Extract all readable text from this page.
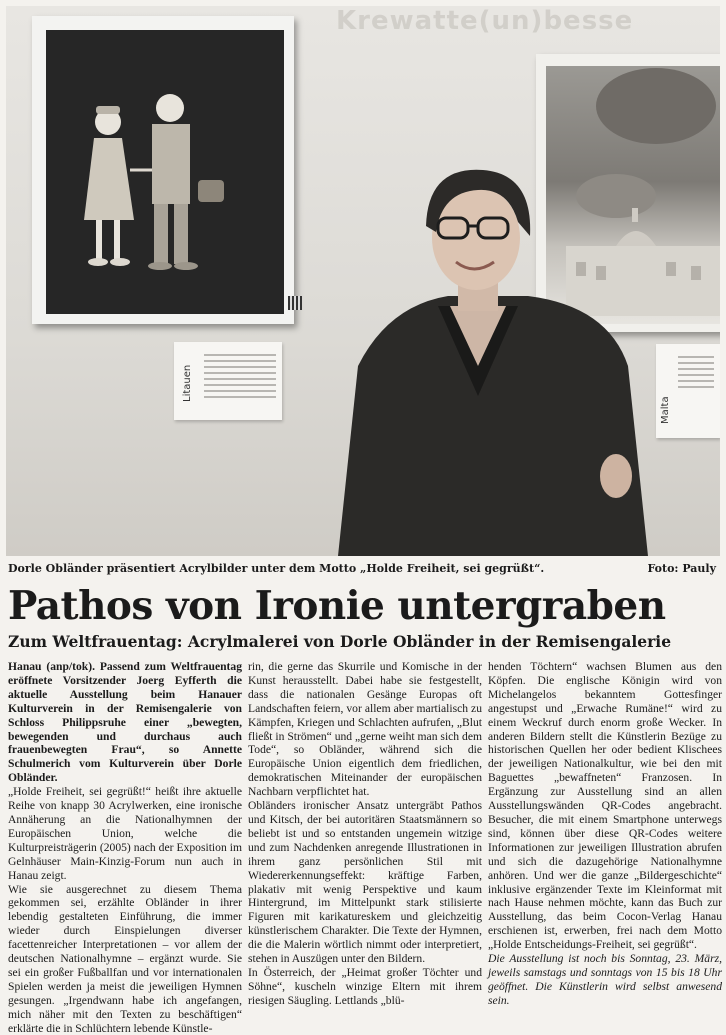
Krewatte(un)besse
Litauen
Malta
Dorle Obländer präsentiert Acrylbilder unter dem Motto „Holde Freiheit, sei gegrüßt“.	Foto: Pauly
Pathos von Ironie untergraben
Zum Weltfrauentag: Acrylmalerei von Dorle Obländer in der Remisengalerie

Hanau (anp/tok). Passend zum Weltfrauentag eröffnete Vorsitzender Joerg Eyfferth die aktuelle Ausstellung beim Hanauer Kulturverein in der Remisengalerie von Schloss Philippsruhe einer „bewegten, bewegenden und durchaus auch frauenbewegten Frau“, so Annette Schulmerich vom Kulturverein über Dorle Obländer.

„Holde Freiheit, sei gegrüßt!“ heißt ihre aktuelle Reihe von knapp 30 Acrylwerken, eine ironische Annäherung an die Nationalhymnen der Europäischen Union, welche die Kulturpreisträgerin (2005) nach der Exposition im Gelnhäuser Main-Kinzig-Forum nun auch in Hanau zeigt.

Wie sie ausgerechnet zu diesem Thema gekommen sei, erzählte Obländer in ihrer lebendig gestalteten Einführung, die immer wieder durch Einspielungen diverser facettenreicher Interpretationen – vor allem der deutschen Nationalhymne – ergänzt wurde. Sie sei ein großer Fußballfan und vor internationalen Spielen werden ja meist die jeweiligen Hymnen gesungen. „Irgendwann habe ich angefangen, mich näher mit den Texten zu beschäftigen“ erklärte die in Schlüchtern lebende Künstle-

rin, die gerne das Skurrile und Komische in der Kunst herausstellt. Dabei habe sie festgestellt, dass die nationalen Gesänge Europas oft Landschaften feiern, vor allem aber martialisch zu Kämpfen, Kriegen und Schlachten aufrufen, „Blut fließt in Strömen“ und „gerne weiht man sich dem Tode“, so Obländer, während sich die Europäische Union eigentlich dem friedlichen, demokratischen Miteinander der europäischen Nachbarn verpflichtet hat.

Obländers ironischer Ansatz untergräbt Pathos und Kitsch, der bei autoritären Staatsmännern so beliebt ist und so entstanden ungemein witzige und zum Nachdenken anregende Illustrationen in ihrem ganz persönlichen Stil mit Wiedererkennungseffekt: kräftige Farben, plakativ mit wenig Perspektive und kaum Hintergrund, im Mittelpunkt stark stilisierte Figuren mit karikatureskem und gleichzeitig künstlerischem Charakter. Die Texte der Hymnen, die die Malerin wörtlich nimmt oder interpretiert, stehen in Auszügen unter den Bildern.

In Österreich, der „Heimat großer Töchter und Söhne“, kuscheln winzige Eltern mit ihrem riesigen Säugling. Lettlands „blü-

henden Töchtern“ wachsen Blumen aus den Köpfen. Die englische Königin wird von Michelangelos bekanntem Gottesfinger angestupst und „Erwache Rumäne!“ wird zu einem Weckruf durch enorm große Wecker. In anderen Bildern stellt die Künstlerin Bezüge zu historischen Quellen her oder bedient Klischees der jeweiligen Nationalkultur, wie bei den mit Baguettes „bewaffneten“ Franzosen. In Ergänzung zur Ausstellung sind an allen Ausstellungswänden QR-Codes angebracht. Besucher, die mit einem Smartphone unterwegs sind, können über diese QR-Codes weitere Informationen zur jeweiligen Illustration abrufen und sich die dazugehörige Nationalhymne anhören. Und wer die ganze „Bildergeschichte“ inklusive ergänzender Texte im Kleinformat mit nach Hause nehmen möchte, kann das Buch zur Ausstellung, das beim Cocon-Verlag Hanau erschienen ist, erwerben, frei nach dem Motto „Holde Entscheidungs-Freiheit, sei gegrüßt“.

Die Ausstellung ist noch bis Sonntag, 23. März, jeweils samstags und sonntags von 15 bis 18 Uhr geöffnet. Die Künstlerin wird selbst anwesend sein.
